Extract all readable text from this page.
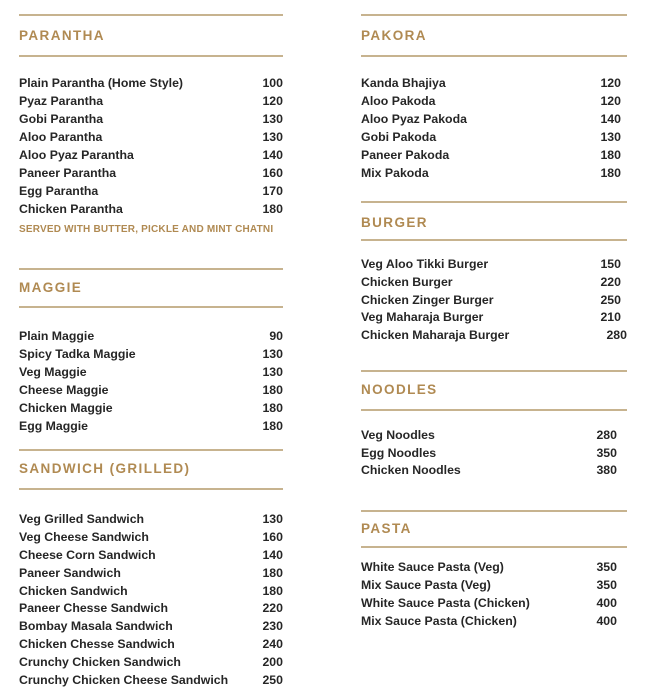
PARANTHA
Plain Parantha (Home Style)	100
Pyaz Parantha	120
Gobi Parantha	130
Aloo Parantha	130
Aloo Pyaz Parantha	140
Paneer Parantha	160
Egg Parantha	170
Chicken Parantha	180
SERVED WITH BUTTER, PICKLE AND MINT CHATNI
MAGGIE
Plain Maggie	90
Spicy Tadka Maggie	130
Veg Maggie	130
Cheese Maggie	180
Chicken Maggie	180
Egg Maggie	180
SANDWICH (GRILLED)
Veg Grilled Sandwich	130
Veg Cheese Sandwich	160
Cheese Corn Sandwich	140
Paneer Sandwich	180
Chicken Sandwich	180
Paneer Chesse Sandwich	220
Bombay Masala Sandwich	230
Chicken Chesse Sandwich	240
Crunchy Chicken Sandwich	200
Crunchy Chicken Cheese Sandwich	250
PAKORA
Kanda Bhajiya	120
Aloo Pakoda	120
Aloo Pyaz Pakoda	140
Gobi Pakoda	130
Paneer Pakoda	180
Mix Pakoda	180
BURGER
Veg Aloo Tikki Burger	150
Chicken Burger	220
Chicken Zinger Burger	250
Veg Maharaja Burger	210
Chicken Maharaja Burger	280
NOODLES
Veg Noodles	280
Egg Noodles	350
Chicken Noodles	380
PASTA
White Sauce Pasta (Veg)	350
Mix Sauce Pasta (Veg)	350
White Sauce Pasta (Chicken)	400
Mix Sauce Pasta (Chicken)	400
